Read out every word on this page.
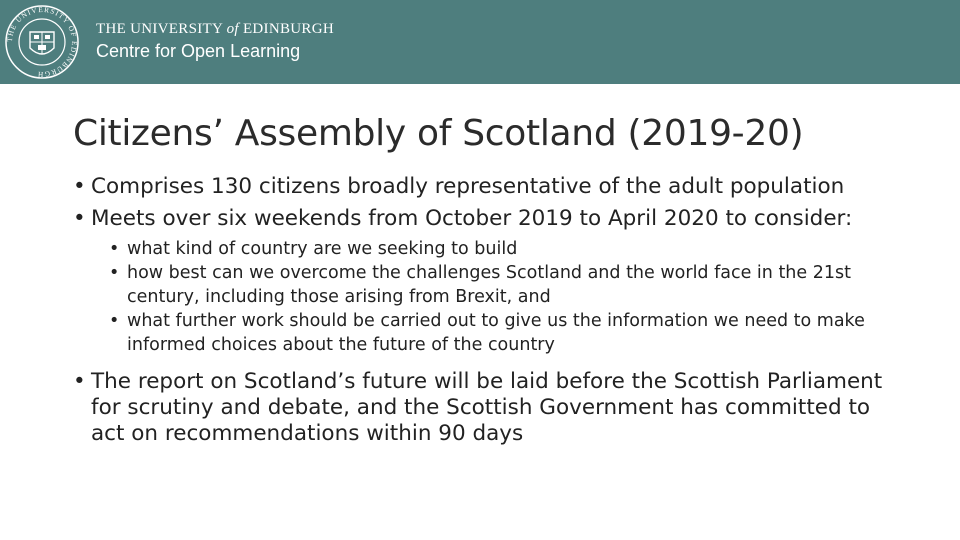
THE UNIVERSITY OF EDINBURGH
THE UNIVERSITY of EDINBURGH
Centre for Open Learning
Citizens’ Assembly of Scotland (2019-20)

• Comprises 130 citizens broadly representative of the adult population

• Meets over six weekends from October 2019 to April 2020 to consider:

• what kind of country are we seeking to build

• how best can we overcome the challenges Scotland and the world face in the 21st century, including those arising from Brexit, and

• what further work should be carried out to give us the information we need to make informed choices about the future of the country

• The report on Scotland’s future will be laid before the Scottish Parliament for scrutiny and debate, and the Scottish Government has committed to act on recommendations within 90 days
